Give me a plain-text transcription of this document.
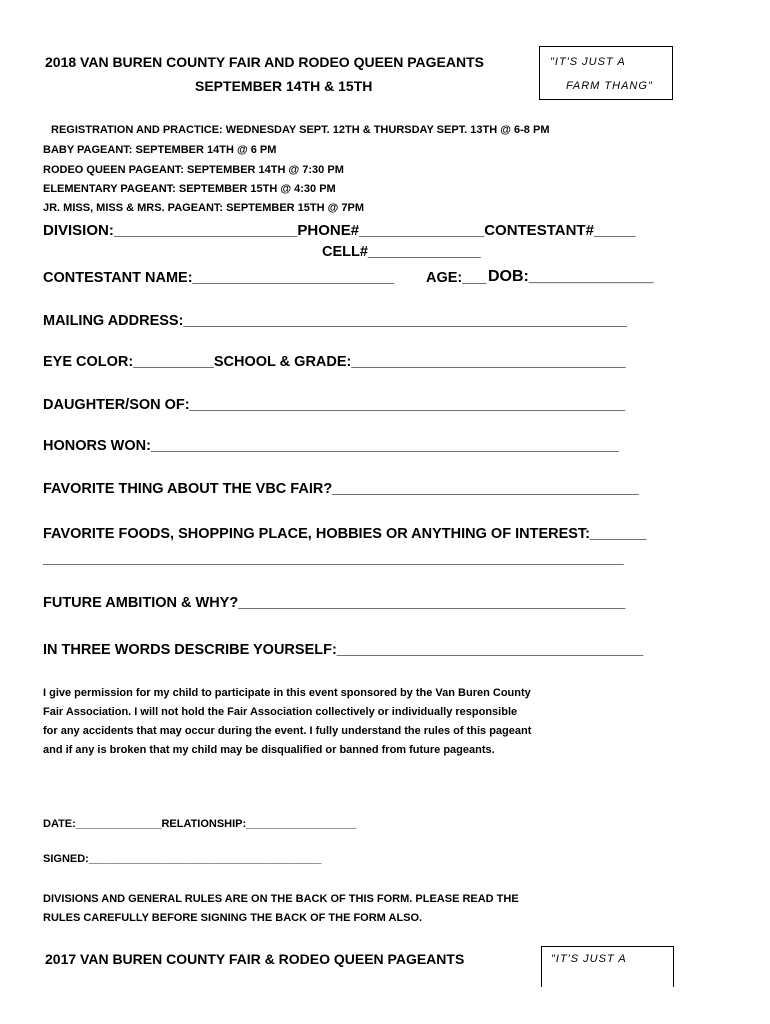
2018 VAN BUREN COUNTY FAIR AND RODEO QUEEN PAGEANTS
SEPTEMBER 14TH & 15TH
"IT'S JUST A
FARM THANG"
REGISTRATION AND PRACTICE: WEDNESDAY SEPT. 12TH & THURSDAY SEPT. 13TH @ 6-8 PM
BABY PAGEANT: SEPTEMBER 14TH @ 6 PM
RODEO QUEEN PAGEANT: SEPTEMBER 14TH @ 7:30 PM
ELEMENTARY PAGEANT: SEPTEMBER 15TH @ 4:30 PM
JR. MISS, MISS & MRS. PAGEANT: SEPTEMBER 15TH @ 7PM
DIVISION:______________________PHONE#_______________CONTESTANT#_____
CELL#______________
CONTESTANT NAME:_________________________ AGE:___ DOB:______________
MAILING ADDRESS:_______________________________________________________
EYE COLOR:__________SCHOOL & GRADE:__________________________________
DAUGHTER/SON OF:______________________________________________________
HONORS WON:__________________________________________________________
FAVORITE THING ABOUT THE VBC FAIR?______________________________________
FAVORITE FOODS, SHOPPING PLACE, HOBBIES OR ANYTHING OF INTEREST:_______
________________________________________________________________________
FUTURE AMBITION & WHY?________________________________________________
IN THREE WORDS DESCRIBE YOURSELF:______________________________________
I give permission for my child to participate in this event sponsored by the Van Buren County
Fair Association. I will not hold the Fair Association collectively or individually responsible
for any accidents that may occur during the event. I fully understand the rules of this pageant
and if any is broken that my child may be disqualified or banned from future pageants.
DATE:______________RELATIONSHIP:__________________
SIGNED:______________________________________
DIVISIONS AND GENERAL RULES ARE ON THE BACK OF THIS FORM. PLEASE READ THE
RULES CAREFULLY BEFORE SIGNING THE BACK OF THE FORM ALSO.
2017 VAN BUREN COUNTY FAIR & RODEO QUEEN PAGEANTS	"IT'S JUST A
